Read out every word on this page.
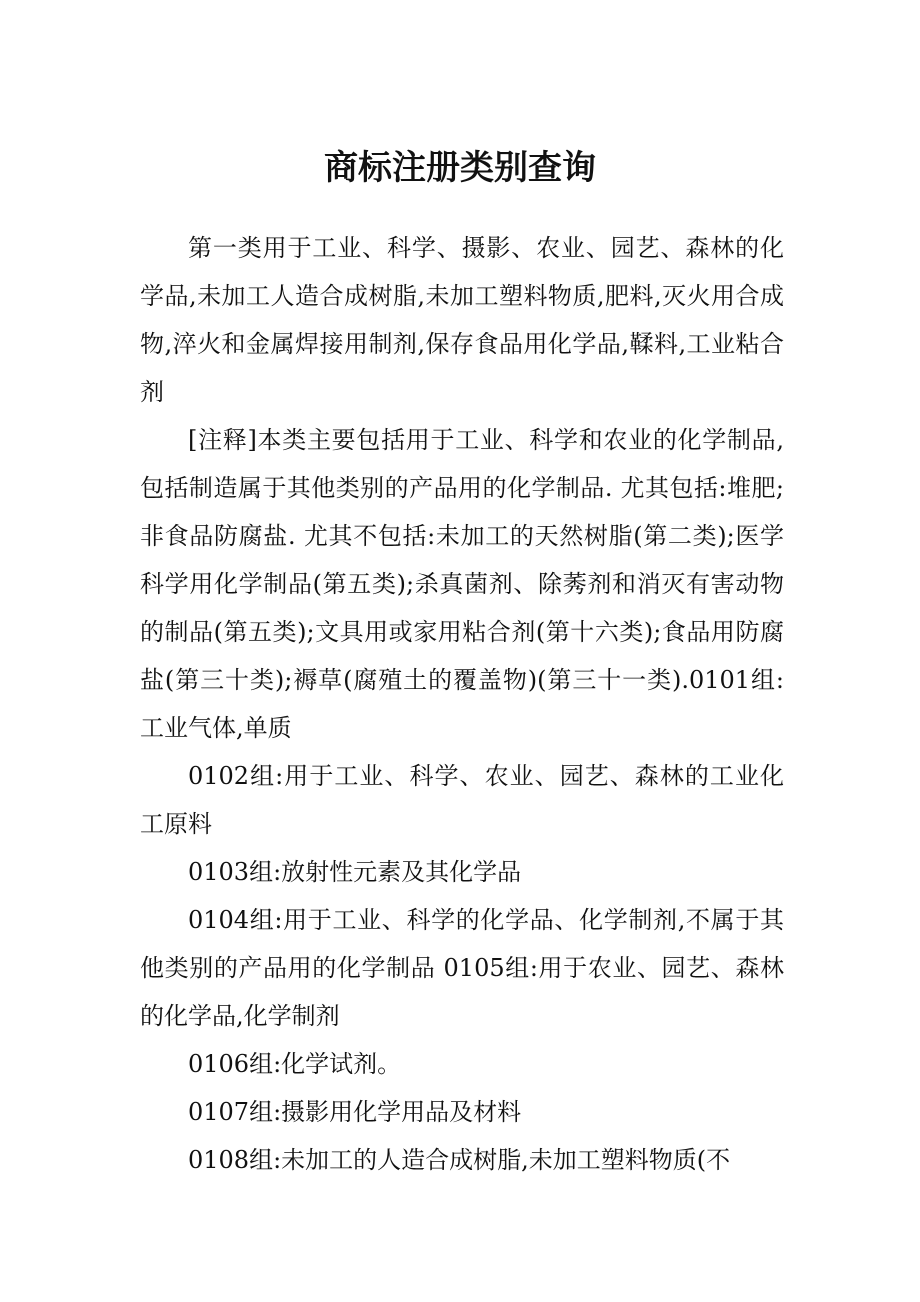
商标注册类别查询

第一类用于工业、科学、摄影、农业、园艺、森林的化学品,未加工人造合成树脂,未加工塑料物质,肥料,灭火用合成物,淬火和金属焊接用制剂,保存食品用化学品,鞣料,工业粘合剂

[注释]本类主要包括用于工业、科学和农业的化学制品,包括制造属于其他类别的产品用的化学制品. 尤其包括:堆肥;非食品防腐盐. 尤其不包括:未加工的天然树脂(第二类);医学科学用化学制品(第五类);杀真菌剂、除莠剂和消灭有害动物的制品(第五类);文具用或家用粘合剂(第十六类);食品用防腐盐(第三十类);褥草(腐殖土的覆盖物)(第三十一类).0101组:工业气体,单质

0102组:用于工业、科学、农业、园艺、森林的工业化工原料

0103组:放射性元素及其化学品

0104组:用于工业、科学的化学品、化学制剂,不属于其他类别的产品用的化学制品 0105组:用于农业、园艺、森林的化学品,化学制剂

0106组:化学试剂。

0107组:摄影用化学用品及材料

0108组:未加工的人造合成树脂,未加工塑料物质(不
